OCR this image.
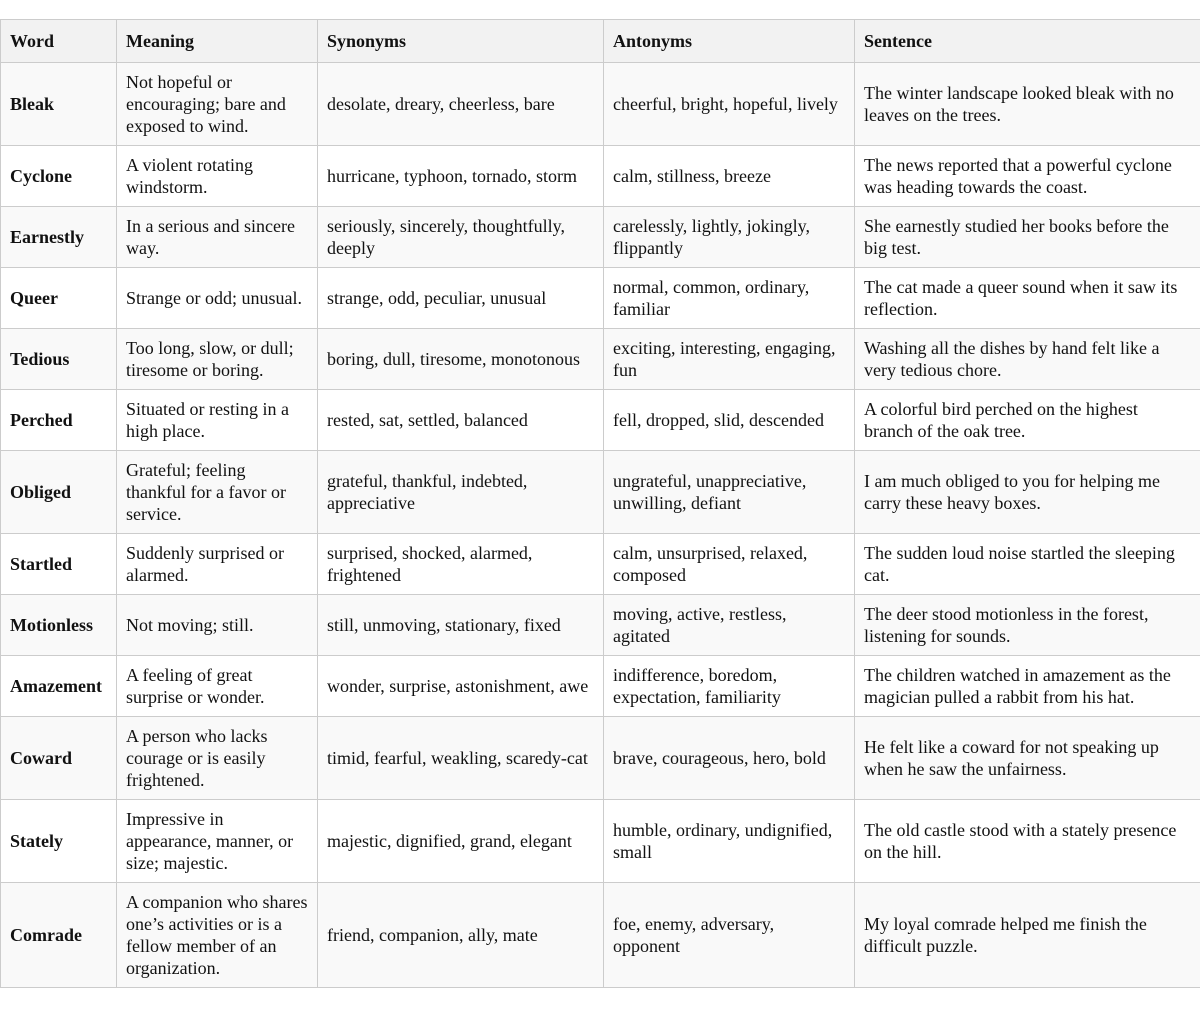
Word	Meaning	Synonyms	Antonyms	Sentence
Bleak	Not hopeful or encouraging; bare and exposed to wind.	desolate, dreary, cheerless, bare	cheerful, bright, hopeful, lively	The winter landscape looked bleak with no leaves on the trees.
Cyclone	A violent rotating windstorm.	hurricane, typhoon, tornado, storm	calm, stillness, breeze	The news reported that a powerful cyclone was heading towards the coast.
Earnestly	In a serious and sincere way.	seriously, sincerely, thoughtfully, deeply	carelessly, lightly, jokingly, flippantly	She earnestly studied her books before the big test.
Queer	Strange or odd; unusual.	strange, odd, peculiar, unusual	normal, common, ordinary, familiar	The cat made a queer sound when it saw its reflection.
Tedious	Too long, slow, or dull; tiresome or boring.	boring, dull, tiresome, monotonous	exciting, interesting, engaging, fun	Washing all the dishes by hand felt like a very tedious chore.
Perched	Situated or resting in a high place.	rested, sat, settled, balanced	fell, dropped, slid, descended	A colorful bird perched on the highest branch of the oak tree.
Obliged	Grateful; feeling thankful for a favor or service.	grateful, thankful, indebted, appreciative	ungrateful, unappreciative, unwilling, defiant	I am much obliged to you for helping me carry these heavy boxes.
Startled	Suddenly surprised or alarmed.	surprised, shocked, alarmed, frightened	calm, unsurprised, relaxed, composed	The sudden loud noise startled the sleeping cat.
Motionless	Not moving; still.	still, unmoving, stationary, fixed	moving, active, restless, agitated	The deer stood motionless in the forest, listening for sounds.
Amazement	A feeling of great surprise or wonder.	wonder, surprise, astonishment, awe	indifference, boredom, expectation, familiarity	The children watched in amazement as the magician pulled a rabbit from his hat.
Coward	A person who lacks courage or is easily frightened.	timid, fearful, weakling, scaredy-cat	brave, courageous, hero, bold	He felt like a coward for not speaking up when he saw the unfairness.
Stately	Impressive in appearance, manner, or size; majestic.	majestic, dignified, grand, elegant	humble, ordinary, undignified, small	The old castle stood with a stately presence on the hill.
Comrade	A companion who shares one’s activities or is a fellow member of an organization.	friend, companion, ally, mate	foe, enemy, adversary, opponent	My loyal comrade helped me finish the difficult puzzle.
